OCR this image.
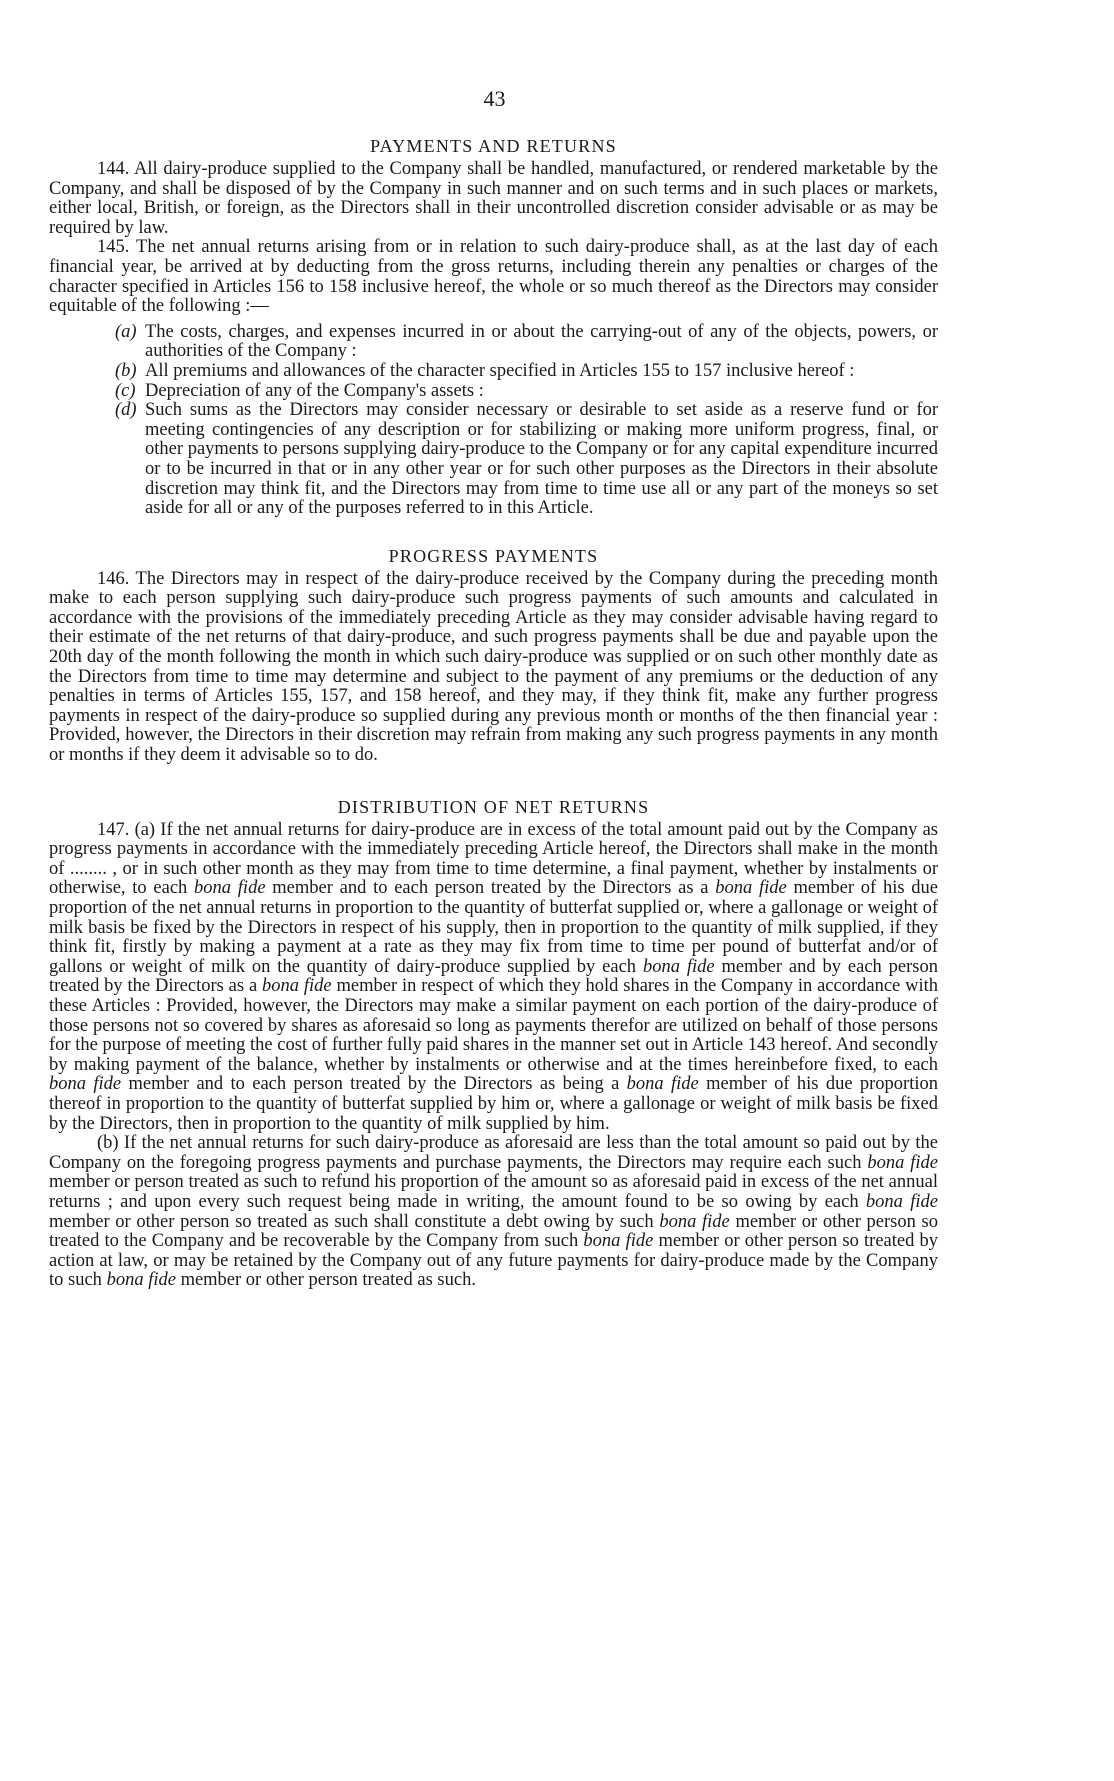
43
PAYMENTS AND RETURNS

144. All dairy-produce supplied to the Company shall be handled, manufactured, or rendered marketable by the Company, and shall be disposed of by the Company in such manner and on such terms and in such places or markets, either local, British, or foreign, as the Directors shall in their uncontrolled discretion consider advisable or as may be required by law.

145. The net annual returns arising from or in relation to such dairy-produce shall, as at the last day of each financial year, be arrived at by deducting from the gross returns, including therein any penalties or charges of the character specified in Articles 156 to 158 inclusive hereof, the whole or so much thereof as the Directors may consider equitable of the following :—

(a) The costs, charges, and expenses incurred in or about the carrying-out of any of the objects, powers, or authorities of the Company :
(b) All premiums and allowances of the character specified in Articles 155 to 157 inclusive hereof :
(c) Depreciation of any of the Company's assets :
(d) Such sums as the Directors may consider necessary or desirable to set aside as a reserve fund or for meeting contingencies of any description or for stabilizing or making more uniform progress, final, or other payments to persons supplying dairy-produce to the Company or for any capital expenditure incurred or to be incurred in that or in any other year or for such other purposes as the Directors in their absolute discretion may think fit, and the Directors may from time to time use all or any part of the moneys so set aside for all or any of the purposes referred to in this Article.
PROGRESS PAYMENTS

146. The Directors may in respect of the dairy-produce received by the Company during the preceding month make to each person supplying such dairy-produce such progress payments of such amounts and calculated in accordance with the provisions of the immediately preceding Article as they may consider advisable having regard to their estimate of the net returns of that dairy-produce, and such progress payments shall be due and payable upon the 20th day of the month following the month in which such dairy-produce was supplied or on such other monthly date as the Directors from time to time may determine and subject to the payment of any premiums or the deduction of any penalties in terms of Articles 155, 157, and 158 hereof, and they may, if they think fit, make any further progress payments in respect of the dairy-produce so supplied during any previous month or months of the then financial year : Provided, however, the Directors in their discretion may refrain from making any such progress payments in any month or months if they deem it advisable so to do.

DISTRIBUTION OF NET RETURNS

147. (a) If the net annual returns for dairy-produce are in excess of the total amount paid out by the Company as progress payments in accordance with the immediately preceding Article hereof, the Directors shall make in the month of ........ , or in such other month as they may from time to time determine, a final payment, whether by instalments or otherwise, to each bona fide member and to each person treated by the Directors as a bona fide member of his due proportion of the net annual returns in proportion to the quantity of butterfat supplied or, where a gallonage or weight of milk basis be fixed by the Directors in respect of his supply, then in proportion to the quantity of milk supplied, if they think fit, firstly by making a payment at a rate as they may fix from time to time per pound of butterfat and/or of gallons or weight of milk on the quantity of dairy-produce supplied by each bona fide member and by each person treated by the Directors as a bona fide member in respect of which they hold shares in the Company in accordance with these Articles : Provided, however, the Directors may make a similar payment on each portion of the dairy-produce of those persons not so covered by shares as aforesaid so long as payments therefor are utilized on behalf of those persons for the purpose of meeting the cost of further fully paid shares in the manner set out in Article 143 hereof. And secondly by making payment of the balance, whether by instalments or otherwise and at the times hereinbefore fixed, to each bona fide member and to each person treated by the Directors as being a bona fide member of his due proportion thereof in proportion to the quantity of butterfat supplied by him or, where a gallonage or weight of milk basis be fixed by the Directors, then in proportion to the quantity of milk supplied by him.

(b) If the net annual returns for such dairy-produce as aforesaid are less than the total amount so paid out by the Company on the foregoing progress payments and purchase payments, the Directors may require each such bona fide member or person treated as such to refund his proportion of the amount so as aforesaid paid in excess of the net annual returns ; and upon every such request being made in writing, the amount found to be so owing by each bona fide member or other person so treated as such shall constitute a debt owing by such bona fide member or other person so treated to the Company and be recoverable by the Company from such bona fide member or other person so treated by action at law, or may be retained by the Company out of any future payments for dairy-produce made by the Company to such bona fide member or other person treated as such.
